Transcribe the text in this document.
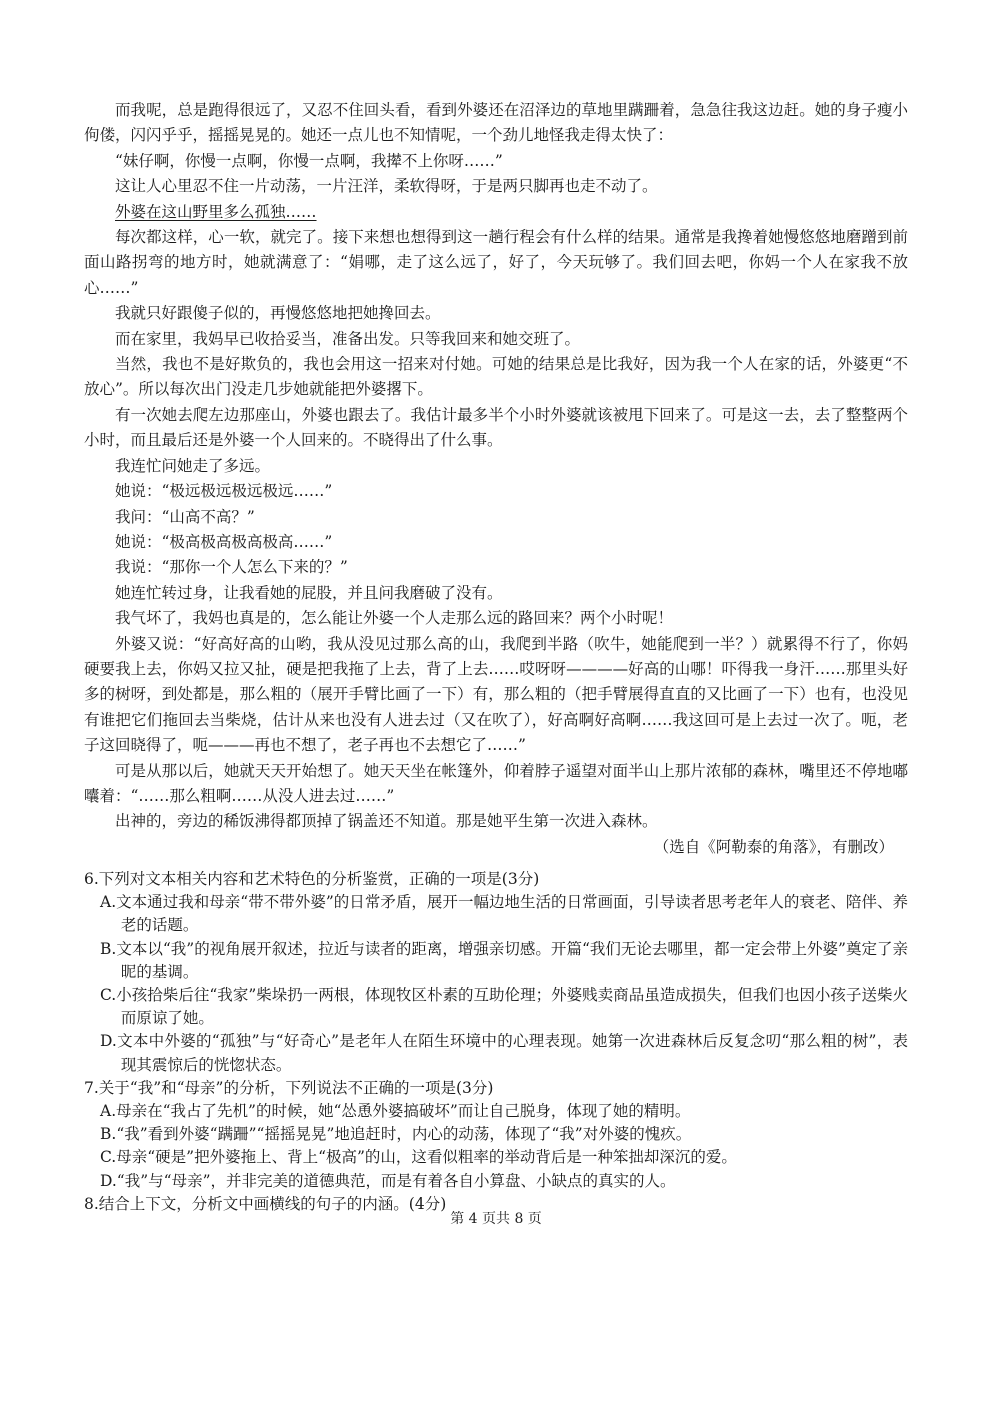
而我呢，总是跑得很远了，又忍不住回头看，看到外婆还在沼泽边的草地里蹒跚着，急急往我这边赶。她的身子瘦小佝偻，闪闪乎乎，摇摇晃晃的。她还一点儿也不知情呢，一个劲儿地怪我走得太快了：

“妹仔啊，你慢一点啊，你慢一点啊，我撵不上你呀……”

这让人心里忍不住一片动荡，一片汪洋，柔软得呀，于是两只脚再也走不动了。

外婆在这山野里多么孤独……

每次都这样，心一软，就完了。接下来想也想得到这一趟行程会有什么样的结果。通常是我搀着她慢悠悠地磨蹭到前面山路拐弯的地方时，她就满意了：“娟哪，走了这么远了，好了，今天玩够了。我们回去吧，你妈一个人在家我不放心……”

我就只好跟傻子似的，再慢悠悠地把她搀回去。

而在家里，我妈早已收拾妥当，准备出发。只等我回来和她交班了。

当然，我也不是好欺负的，我也会用这一招来对付她。可她的结果总是比我好，因为我一个人在家的话，外婆更“不放心”。所以每次出门没走几步她就能把外婆撂下。

有一次她去爬左边那座山，外婆也跟去了。我估计最多半个小时外婆就该被甩下回来了。可是这一去，去了整整两个小时，而且最后还是外婆一个人回来的。不晓得出了什么事。

我连忙问她走了多远。

她说：“极远极远极远极远……”

我问：“山高不高？”

她说：“极高极高极高极高……”

我说：“那你一个人怎么下来的？”

她连忙转过身，让我看她的屁股，并且问我磨破了没有。

我气坏了，我妈也真是的，怎么能让外婆一个人走那么远的路回来？两个小时呢！

外婆又说：“好高好高的山哟，我从没见过那么高的山，我爬到半路（吹牛，她能爬到一半？）就累得不行了，你妈硬要我上去，你妈又拉又扯，硬是把我拖了上去，背了上去……哎呀呀————好高的山哪！吓得我一身汗……那里头好多的树呀，到处都是，那么粗的（展开手臂比画了一下）有，那么粗的（把手臂展得直直的又比画了一下）也有，也没见有谁把它们拖回去当柴烧，估计从来也没有人进去过（又在吹了），好高啊好高啊……我这回可是上去过一次了。呃，老子这回晓得了，呃———再也不想了，老子再也不去想它了……”

可是从那以后，她就天天开始想了。她天天坐在帐篷外，仰着脖子遥望对面半山上那片浓郁的森林，嘴里还不停地嘟囔着：“……那么粗啊……从没人进去过……”

出神的，旁边的稀饭沸得都顶掉了锅盖还不知道。那是她平生第一次进入森林。

（选自《阿勒泰的角落》，有删改）

6.下列对文本相关内容和艺术特色的分析鉴赏，正确的一项是(3分)

A.文本通过我和母亲“带不带外婆”的日常矛盾，展开一幅边地生活的日常画面，引导读者思考老年人的衰老、陪伴、养老的话题。

B.文本以“我”的视角展开叙述，拉近与读者的距离，增强亲切感。开篇“我们无论去哪里，都一定会带上外婆”奠定了亲昵的基调。

C.小孩拾柴后往“我家”柴垛扔一两根，体现牧区朴素的互助伦理；外婆贱卖商品虽造成损失，但我们也因小孩子送柴火而原谅了她。

D.文本中外婆的“孤独”与“好奇心”是老年人在陌生环境中的心理表现。她第一次进森林后反复念叨“那么粗的树”，表现其震惊后的恍惚状态。

7.关于“我”和“母亲”的分析，下列说法不正确的一项是(3分)

A.母亲在“我占了先机”的时候，她“怂恿外婆搞破坏”而让自己脱身，体现了她的精明。

B.“我”看到外婆“蹒跚”“摇摇晃晃”地追赶时，内心的动荡，体现了“我”对外婆的愧疚。

C.母亲“硬是”把外婆拖上、背上“极高”的山，这看似粗率的举动背后是一种笨拙却深沉的爱。

D.“我”与“母亲”，并非完美的道德典范，而是有着各自小算盘、小缺点的真实的人。

8.结合上下文，分析文中画横线的句子的内涵。(4分)

第 4 页共 8 页
